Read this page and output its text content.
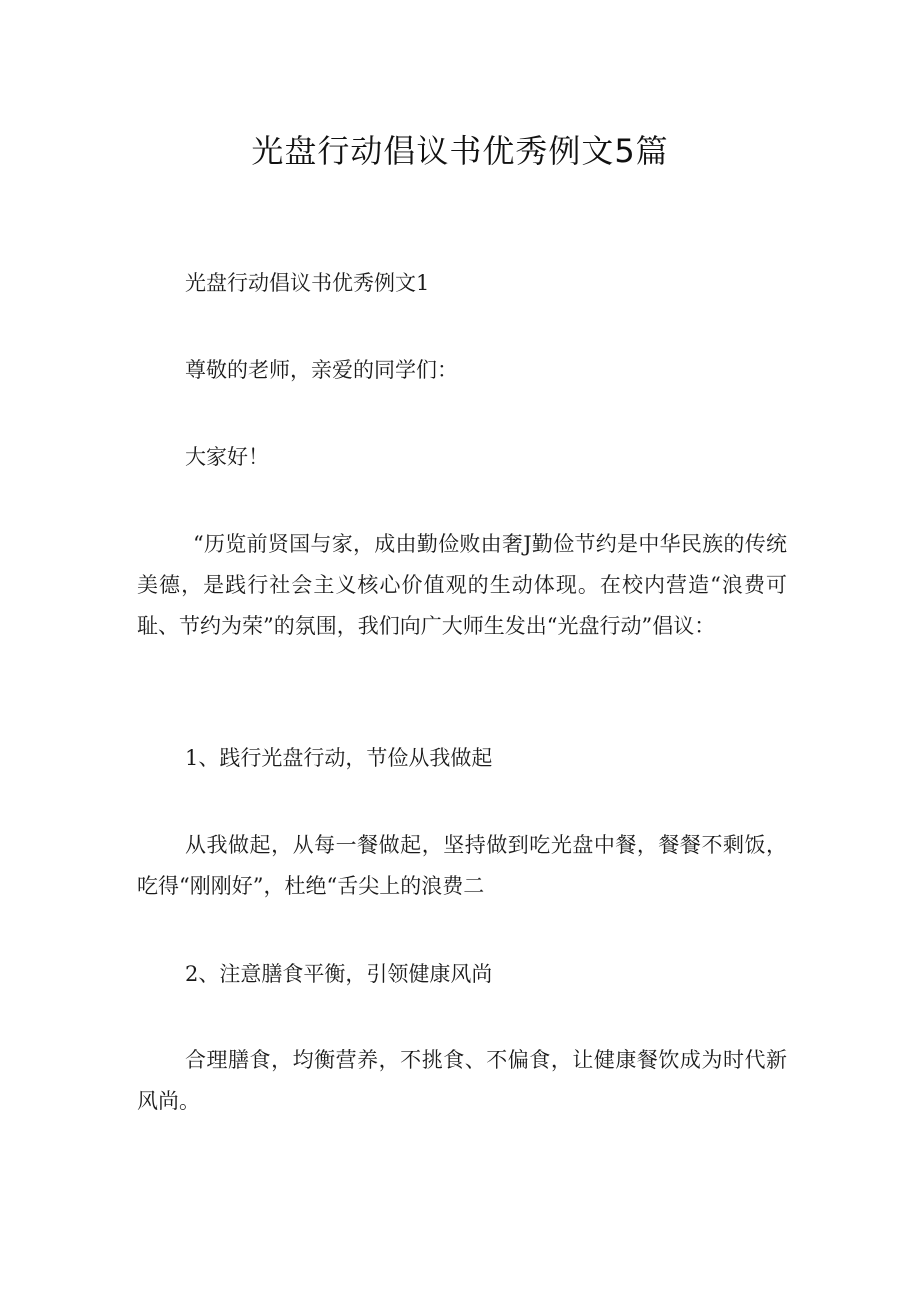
光盘行动倡议书优秀例文5篇

光盘行动倡议书优秀例文1

尊敬的老师，亲爱的同学们：

大家好！

“历览前贤国与家，成由勤俭败由奢J勤俭节约是中华民族的传统美德，是践行社会主义核心价值观的生动体现。在校内营造“浪费可耻、节约为荣”的氛围，我们向广大师生发出“光盘行动”倡议：

1、践行光盘行动，节俭从我做起

从我做起，从每一餐做起，坚持做到吃光盘中餐，餐餐不剩饭，吃得“刚刚好”，杜绝“舌尖上的浪费二

2、注意膳食平衡，引领健康风尚

合理膳食，均衡营养，不挑食、不偏食，让健康餐饮成为时代新风尚。
